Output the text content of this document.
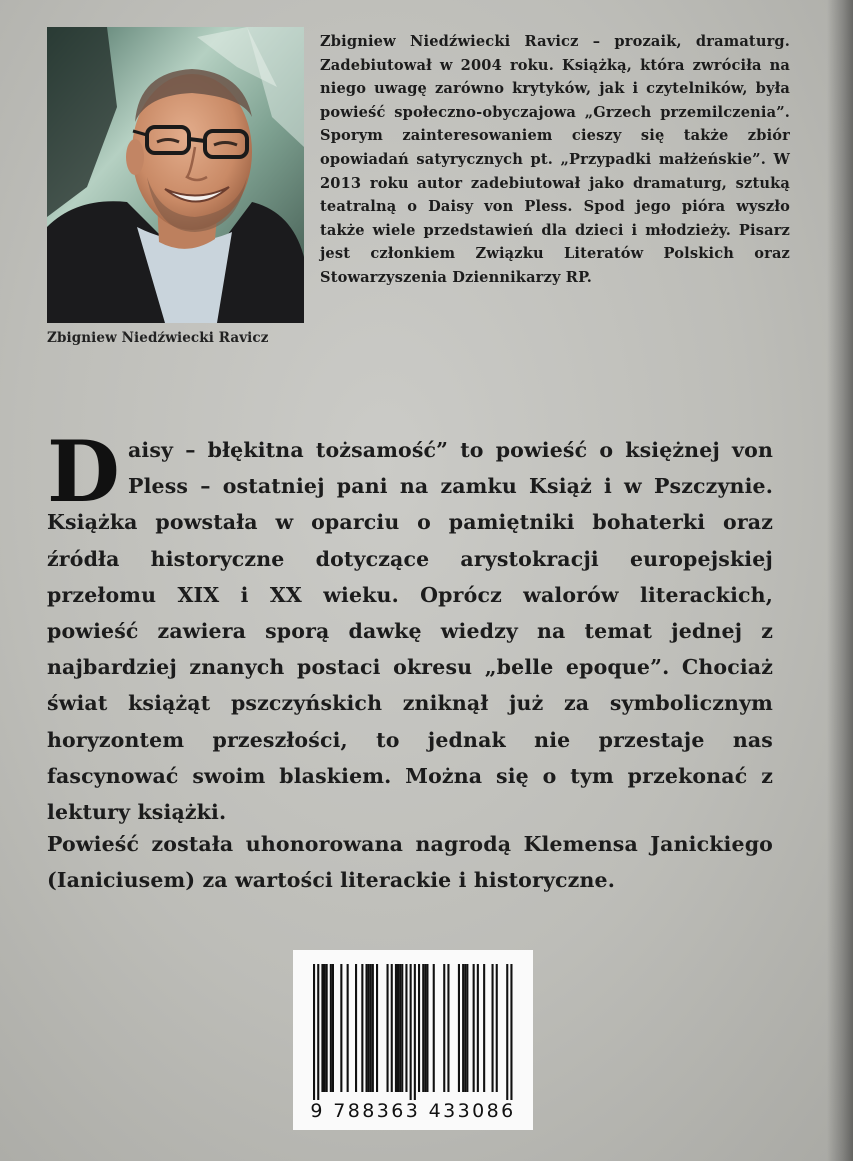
Zbigniew Niedźwiecki Ravicz
Zbigniew Niedźwiecki Ravicz – prozaik, dramaturg. Zadebiutował w 2004 roku. Książką, która zwróciła na niego uwagę zarówno krytyków, jak i czytelników, była powieść społeczno-obyczajowa „Grzech przemilczenia”. Sporym zainteresowaniem cieszy się także zbiór opowiadań satyrycznych pt. „Przypadki małżeńskie”. W 2013 roku autor zadebiutował jako dramaturg, sztuką teatralną o Daisy von Pless. Spod jego pióra wyszło także wiele przedstawień dla dzieci i młodzieży. Pisarz jest członkiem Związku Literatów Polskich oraz Stowarzyszenia Dziennikarzy RP.
Daisy – błękitna tożsamość” to powieść o księżnej von Pless – ostatniej pani na zamku Książ i w Pszczynie. Książka powstała w oparciu o pamiętniki bohaterki oraz źródła historyczne dotyczące arystokracji europejskiej przełomu XIX i XX wieku. Oprócz walorów literackich, powieść zawiera sporą dawkę wiedzy na temat jednej z najbardziej znanych postaci okresu „belle epoque”. Chociaż świat książąt pszczyńskich zniknął już za symbolicznym horyzontem przeszłości, to jednak nie przestaje nas fascynować swoim blaskiem. Można się o tym przekonać z lektury książki.
Powieść została uhonorowana nagrodą Klemensa Janickiego (Ianiciusem) za wartości literackie i historyczne.
9 788363 433086
